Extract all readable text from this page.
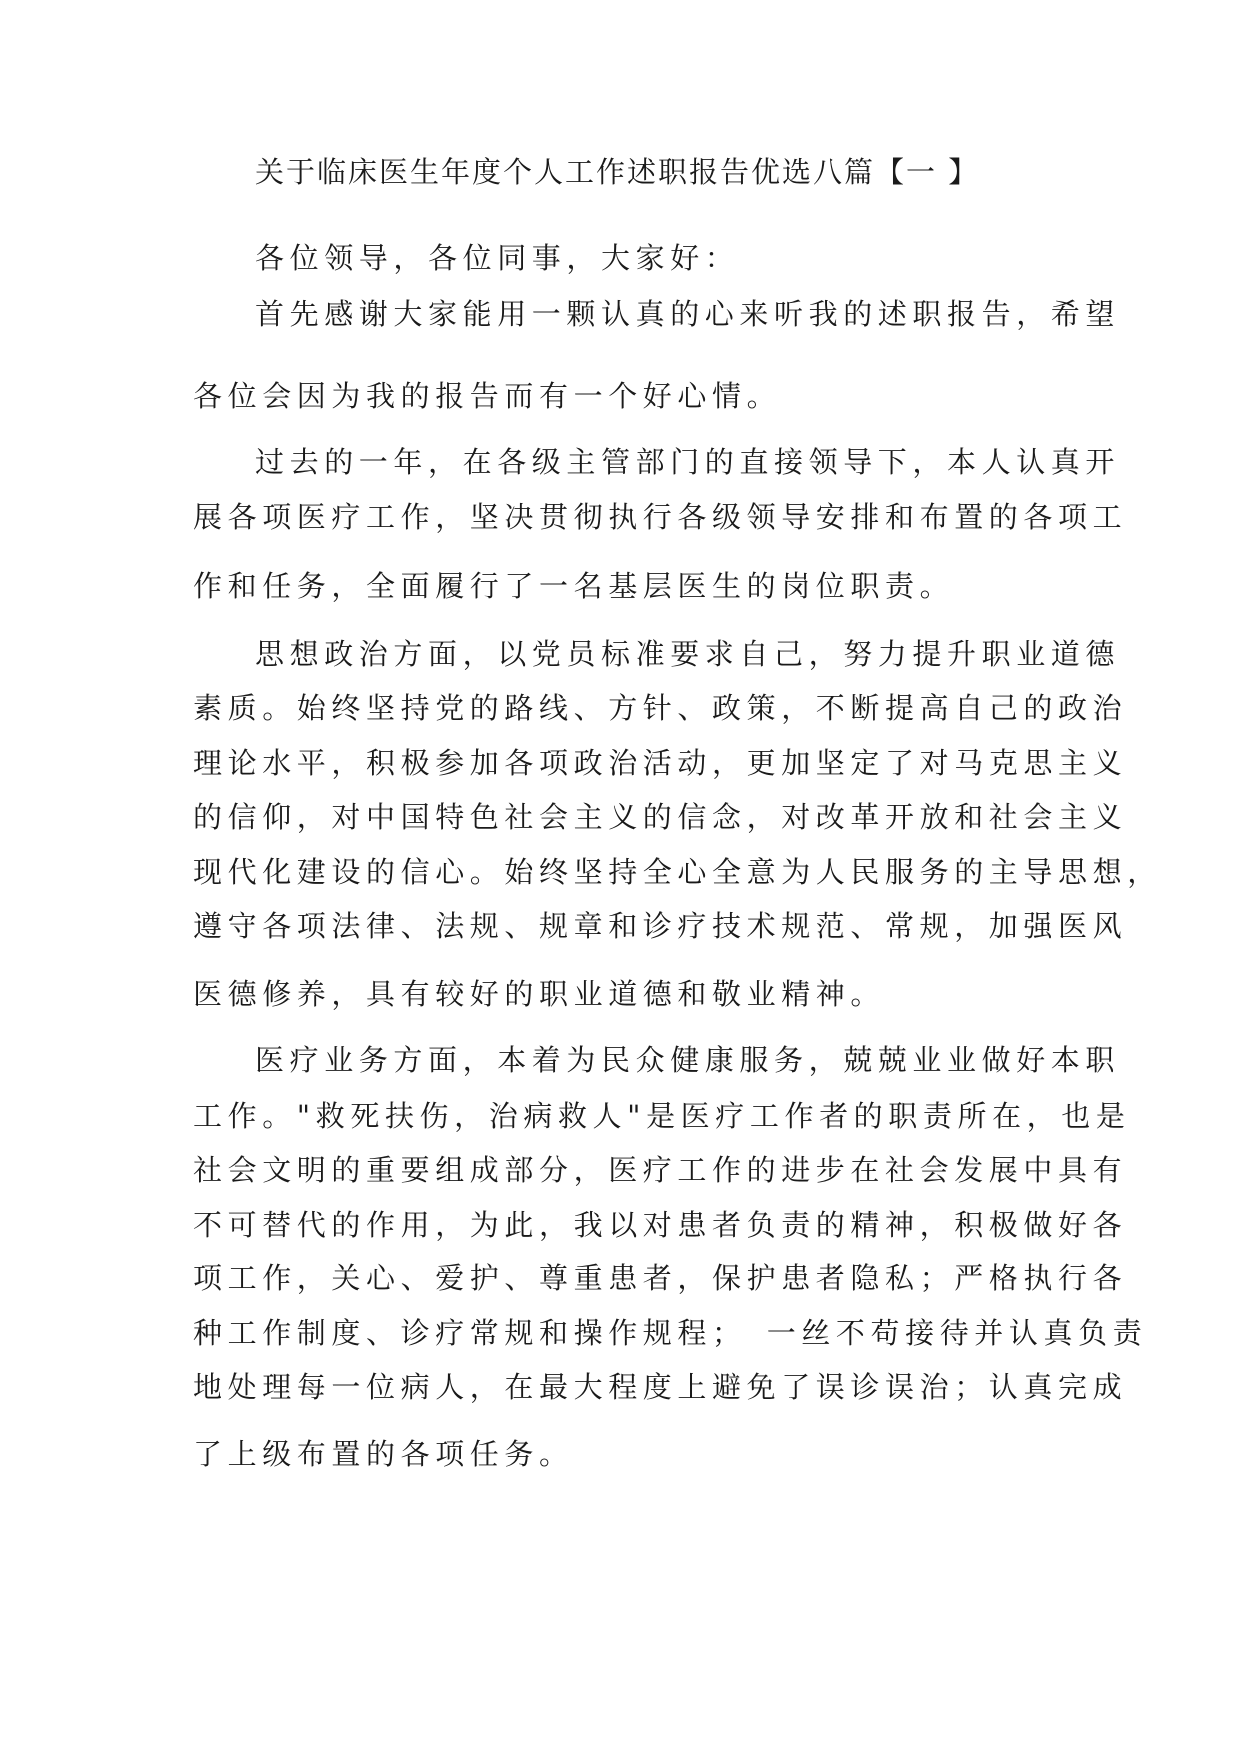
关于临床医生年度个人工作述职报告优选八篇【一 】
各位领导，各位同事，大家好：
首先感谢大家能用一颗认真的心来听我的述职报告，希望
各位会因为我的报告而有一个好心情。
过去的一年，在各级主管部门的直接领导下，本人认真开
展各项医疗工作，坚决贯彻执行各级领导安排和布置的各项工
作和任务，全面履行了一名基层医生的岗位职责。
思想政治方面，以党员标准要求自己，努力提升职业道德
素质。始终坚持党的路线、方针、政策，不断提高自己的政治
理论水平，积极参加各项政治活动，更加坚定了对马克思主义
的信仰，对中国特色社会主义的信念，对改革开放和社会主义
现代化建设的信心。始终坚持全心全意为人民服务的主导思想，
遵守各项法律、法规、规章和诊疗技术规范、常规，加强医风
医德修养，具有较好的职业道德和敬业精神。
医疗业务方面，本着为民众健康服务，兢兢业业做好本职
工作。"救死扶伤，治病救人"是医疗工作者的职责所在，也是
社会文明的重要组成部分，医疗工作的进步在社会发展中具有
不可替代的作用，为此，我以对患者负责的精神，积极做好各
项工作，关心、爱护、尊重患者，保护患者隐私；严格执行各
种工作制度、诊疗常规和操作规程；　一丝不苟接待并认真负责
地处理每一位病人，在最大程度上避免了误诊误治；认真完成
了上级布置的各项任务。
